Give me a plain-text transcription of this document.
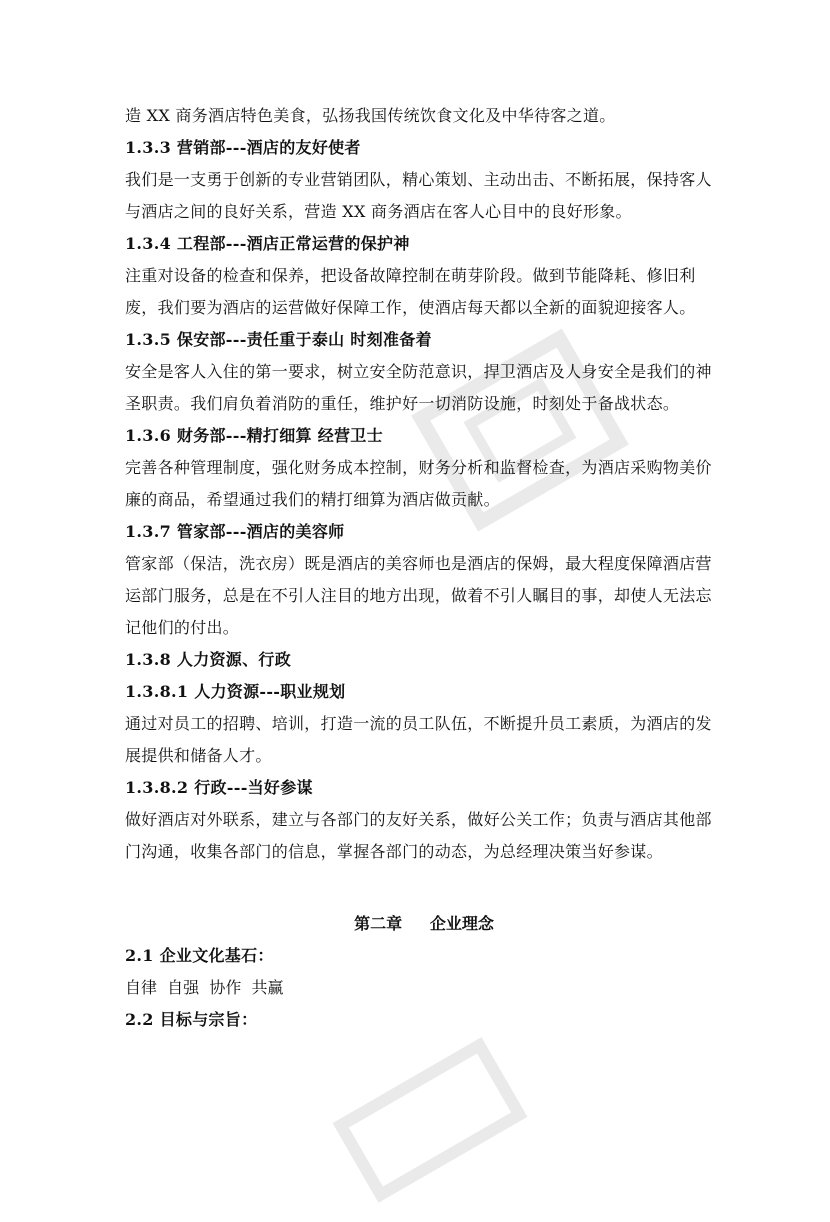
造 XX 商务酒店特色美食，弘扬我国传统饮食文化及中华待客之道。

1.3.3 营销部---酒店的友好使者

我们是一支勇于创新的专业营销团队，精心策划、主动出击、不断拓展，保持客人与酒店之间的良好关系，营造 XX 商务酒店在客人心目中的良好形象。

1.3.4 工程部---酒店正常运营的保护神

注重对设备的检查和保养，把设备故障控制在萌芽阶段。做到节能降耗、修旧利废，我们要为酒店的运营做好保障工作，使酒店每天都以全新的面貌迎接客人。

1.3.5 保安部---责任重于泰山 时刻准备着

安全是客人入住的第一要求，树立安全防范意识，捍卫酒店及人身安全是我们的神圣职责。我们肩负着消防的重任，维护好一切消防设施，时刻处于备战状态。

1.3.6 财务部---精打细算 经营卫士

完善各种管理制度，强化财务成本控制，财务分析和监督检查，为酒店采购物美价廉的商品，希望通过我们的精打细算为酒店做贡献。

1.3.7 管家部---酒店的美容师

管家部（保洁，洗衣房）既是酒店的美容师也是酒店的保姆，最大程度保障酒店营运部门服务，总是在不引人注目的地方出现，做着不引人瞩目的事，却使人无法忘记他们的付出。

1.3.8 人力资源、行政

1.3.8.1 人力资源---职业规划

通过对员工的招聘、培训，打造一流的员工队伍，不断提升员工素质，为酒店的发展提供和储备人才。

1.3.8.2 行政---当好参谋

做好酒店对外联系，建立与各部门的友好关系，做好公关工作；负责与酒店其他部门沟通，收集各部门的信息，掌握各部门的动态，为总经理决策当好参谋。

第二章     企业理念

2.1 企业文化基石：

自律  自强  协作  共赢

2.2 目标与宗旨：
